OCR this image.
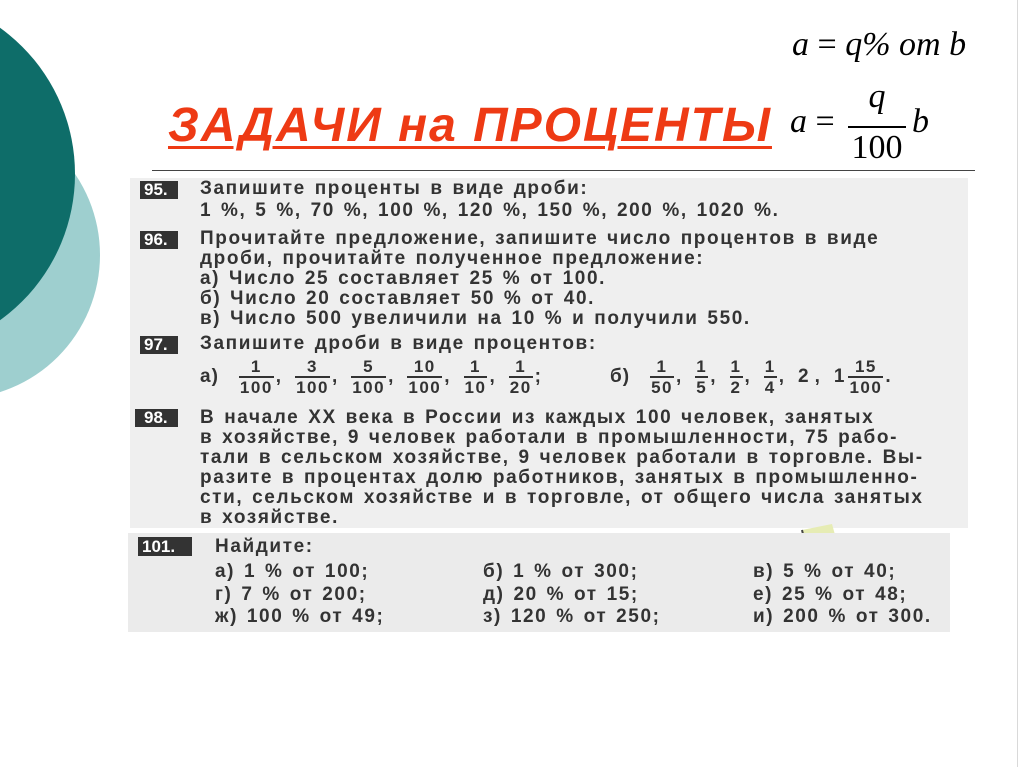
a = q% от b
$a = \frac{q}{100}$ b
ЗАДАЧИ на ПРОЦЕНТЫ
95.	Запишите проценты в виде дроби:
1 %, 5 %, 70 %, 100 %, 120 %, 150 %, 200 %, 1020 %.
96.	Прочитайте предложение, запишите число процентов в виде
дроби, прочитайте полученное предложение:
а) Число 25 составляет 25 % от 100.
б) Число 20 составляет 50 % от 40.
в) Число 500 увеличили на 10 % и получили 550.
97.	Запишите дроби в виде процентов:
$а) \frac{1}{100}$ , $\frac{3}{100}$ , $\frac{5}{100}$ , $\frac{10}{100}$ , $\frac{1}{10}$ , $\frac{1}{20}$ ;	$б) \frac{1}{50}$ , $\frac{1}{5}$ , $\frac{1}{2}$ , $\frac{1}{4}$ , 2 , $1 \frac{15}{100}$ .
98.	В начале XX века в России из каждых 100 человек, занятых
в хозяйстве, 9 человек работали в промышленности, 75 рабо-
тали в сельском хозяйстве, 9 человек работали в торговле. Вы-
разите в процентах долю работников, занятых в промышленно-
сти, сельском хозяйстве и в торговле, от общего числа занятых
в хозяйстве.
101.	Найдите:
а) 1 % от 100;	б) 1 % от 300;	в) 5 % от 40;
г) 7 % от 200;	д) 20 % от 15;	е) 25 % от 48;
ж) 100 % от 49;	з) 120 % от 250;	и) 200 % от 300.
